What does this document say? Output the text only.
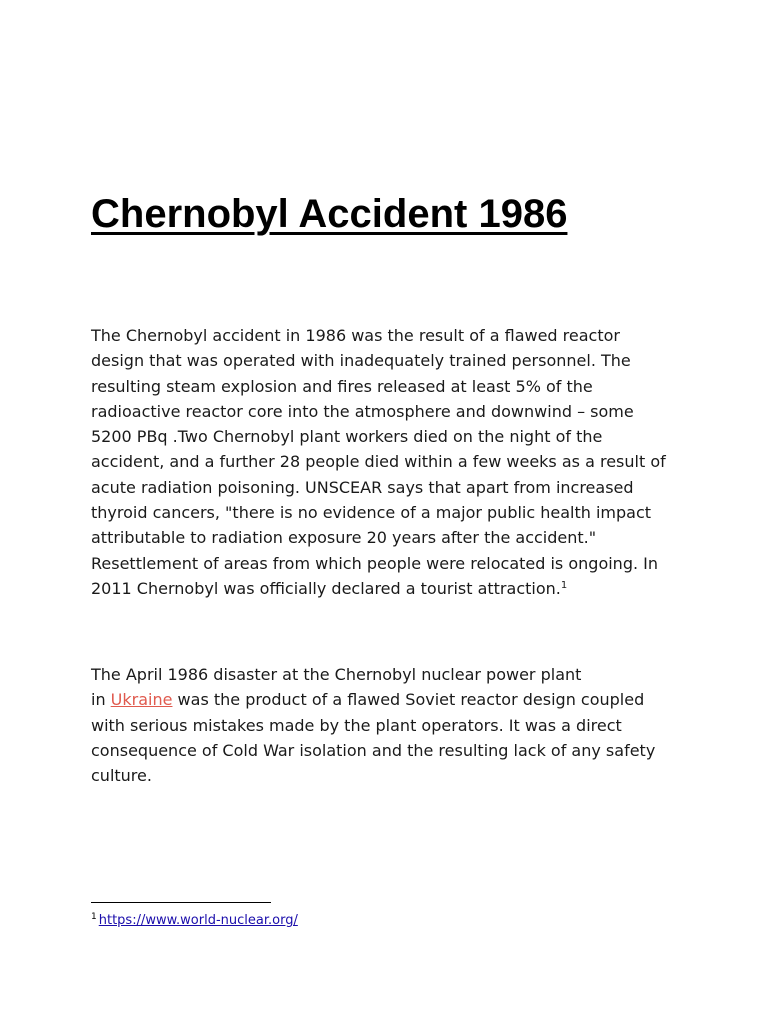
Chernobyl Accident 1986

The Chernobyl accident in 1986 was the result of a flawed reactor
design that was operated with inadequately trained personnel. The
resulting steam explosion and fires released at least 5% of the
radioactive reactor core into the atmosphere and downwind – some
5200 PBq .Two Chernobyl plant workers died on the night of the
accident, and a further 28 people died within a few weeks as a result of
acute radiation poisoning. UNSCEAR says that apart from increased
thyroid cancers, "there is no evidence of a major public health impact
attributable to radiation exposure 20 years after the accident."
Resettlement of areas from which people were relocated is ongoing. In
2011 Chernobyl was officially declared a tourist attraction.$^1$

The April 1986 disaster at the Chernobyl nuclear power plant
in Ukraine was the product of a flawed Soviet reactor design coupled
with serious mistakes made by the plant operators. It was a direct
consequence of Cold War isolation and the resulting lack of any safety
culture.

$^1$ https://www.world-nuclear.org/
